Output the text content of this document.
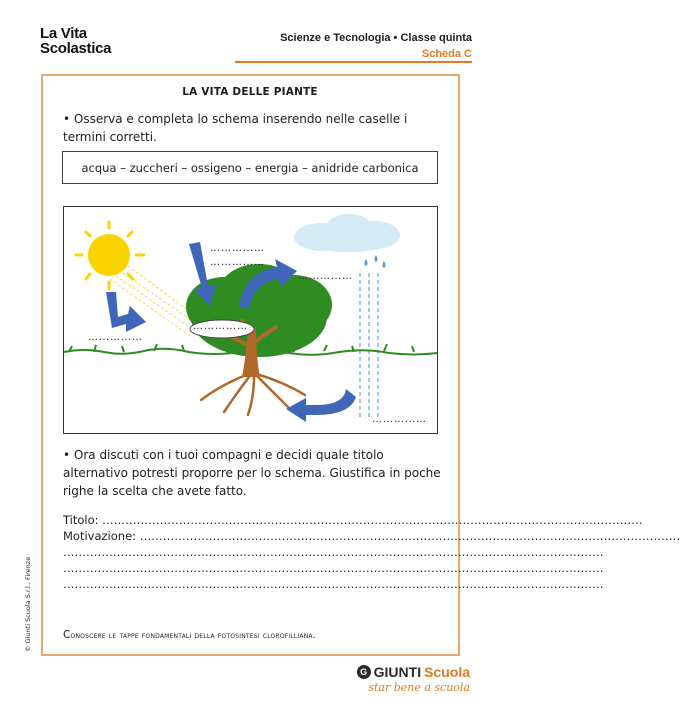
La Vita
Scolastica
Scienze e Tecnologia • Classe quinta
Scheda C
LA VITA DELLE PIANTE
• Osserva e completa lo schema inserendo nelle caselle i termini corretti.
acqua – zuccheri – ossigeno – energia – anidride carbonica
……………
……………
……………
……………
……………
……………
• Ora discuti con i tuoi compagni e decidi quale titolo alternativo potresti proporre per lo schema. Giustifica in poche righe la scelta che avete fatto.
Titolo: ……………………………………………………………………………………………………………………………
Motivazione: ……………………………………………………………………………………………………………………………
……………………………………………………………………………………………………………………………
……………………………………………………………………………………………………………………………
……………………………………………………………………………………………………………………………
Conoscere le tappe fondamentali della fotosintesi clorofilliana.
© Giunti Scuola S.r.l., Firenze
G GIUNTI Scuola
star bene a scuola
